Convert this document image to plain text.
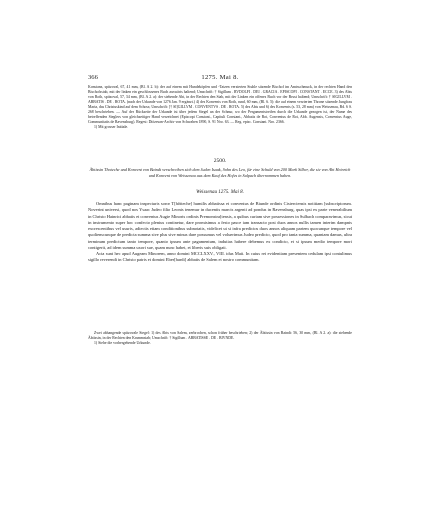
366	1275. Mai 8.

Konstanz, spitzoval, 67, 41 mm, (Bl. A 2. b): der auf einem mit Hundeköpfen und -Tatzen verzierten Stuhle sitzende Bischof im Amtsschmuck, in der rechten Hand den Bischofsstab, mit der linken ein geschlossenes Buch auswärts haltend; Umschrift: † Sigillum . RVDOLFI . DEI . GRACIA . EPISCOPI . CONSTANT . ECCE. 3) des Abts von Roth, spitzoval, 57, 34 mm, (Bl. A 2. a): der stehende Abt, in der Rechten den Stab, mit der Linken ein offenes Buch vor der Brust haltend; Umschrift: † SIGILLVM . ABBATIS . DE . ROTA. (nach der Urkunde von 1276 Jan. 9 ergänzt.) 4) des Konvents von Roth, rund, 60 mm, (Bl. 6. 5): die auf einem verzierten Throne sitzende Jungfrau Maria, das Christuskind auf dem Schoss; Umschrift: [† SI]GILLVM . CONVENTVS . DE . ROTA. 5) des Abts und 6) des Konvents (s. 53, 28 mm) von Weissenau, Bd. 6 S. 268 beschrieben. — Auf der Rückseite der Urkunde ist über jedem Siegel an der Schnur, wo der Pergamentstreifen durch die Urkunde gezogen ist, der Name des betreffenden Sieglers von gleichzeitiger Hand verzeichnet (Episcopi Constant., Capituli Constant., Abbatis de Rot, Conventus de Rot, Abb. Augensis, Conventus Auge, Communitatis de Ravensburg). Regest: Diözesan-Archiv von Schwaben 1890, S. 91 Nro. 63. — Reg. episc. Constant. Nro. 2366.

1) Mit grosser Initiale.

2500.
Äbtissin Thoteche und Konvent von Baindt verschreiben sich dem Juden Isaak, Sohn des Leo, für eine Schuld von 200 Mark Silber, die sie von Abt Heinrich und Konvent von Weissenau aus dem Kauf des Hofes in Sulpach übernommen haben.
Weissenau 1275. Mai 8.

Omnibus hanc paginam inspecturis soror T[hôtteche] humilis abbatissa et conventus de Biunde ordinis Cisterciensis notitiam [subscriptorum. Noverint universi, quod nos Ysaac Judeo filio Leonis tenemur in ducentis marcis argenti ad pondus in Ravensburg, quas ipsi ex parte venerabilium in Christo Hainrici abbatis et conventus Augie Minoris ordinis Premonstra[tensis, a quibus curiam sive possessiones in Sulbach comparavimus, sicut in instrumento super hoc confecto plenius continetur, dare promisimus a festo pasce iam transacto post duos annos nullis tamen interim dampnis excrescentibus vel usuris, adiectis etiam conditionibus subnotatis, videlicet ut si infra predictos duos annos aliquam partem quocunque tempore vel quolienscunque de predicta summa sive plus sive minus dare possumus vel voluerimus Judeo predicto, quod pro tanta summa, quantam damus, ultra terminum predictum tanto tempore, quanto ipsum ante pagamentum, indutias habere debemus ex condicto, et si ipsum medio tempore mori contigerit, ad idem summa uxori sue, quam nunc habet, et liberis suis obligati.

Acta sunt hec apud Augeam Minorem, anno domini MCCLXXV., VIII. idus Maii. In cuius rei evidentiam presentem cedulam ipsi contulimus sigillo reverendi in Christo patris et domini Eber[hardi] abbatis de Salem et nostro communitam.

Zwei abhangende spitzovale Siegel: 1) des Abts von Salem, zerbrochen, schon früher beschrieben; 2) der Äbtissin von Baindt: 56, 30 mm, (Bl. A 2. a): die stehende Äbtissin, in der Rechten den Krummstab; Umschrift: † Sigillum . ABBATISSE . DE . BIVNDE.

1) Siehe die vorhergehende Urkunde.
